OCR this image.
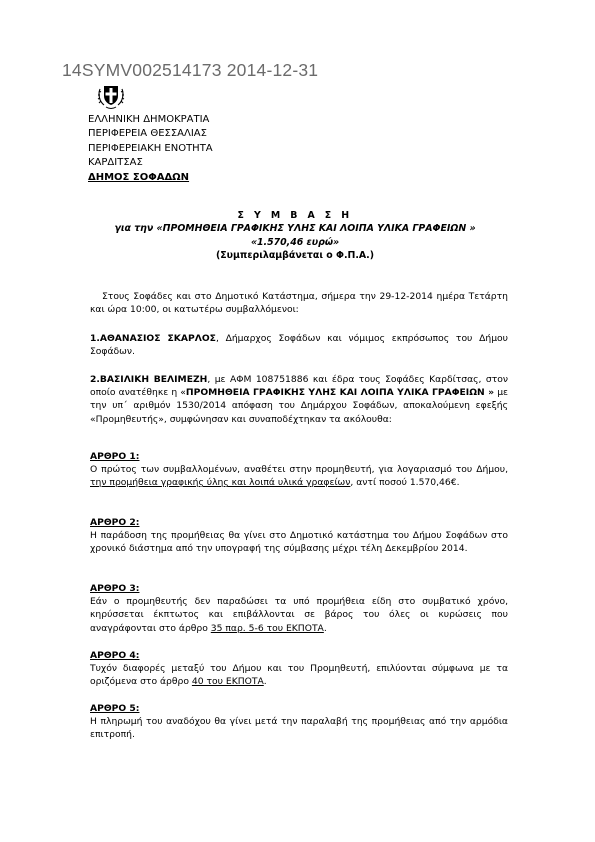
14SYMV002514173 2014-12-31
ΕΛΛΗΝΙΚΗ ΔΗΜΟΚΡΑΤΙΑ
ΠΕΡΙΦΕΡΕΙΑ ΘΕΣΣΑΛΙΑΣ
ΠΕΡΙΦΕΡΕΙΑΚΗ ΕΝΟΤΗΤΑ
ΚΑΡΔΙΤΣΑΣ
ΔΗΜΟΣ ΣΟΦΑΔΩΝ
Σ Υ Μ Β Α Σ Η
για την «ΠΡΟΜΗΘΕΙΑ ΓΡΑΦΙΚΗΣ ΥΛΗΣ ΚΑΙ ΛΟΙΠΑ ΥΛΙΚΑ ΓΡΑΦΕΙΩΝ »
«1.570,46 ευρώ»
(Συμπεριλαμβάνεται ο Φ.Π.Α.)
Στους Σοφάδες και στο Δημοτικό Κατάστημα, σήμερα την 29-12-2014 ημέρα Τετάρτη και ώρα 10:00, οι κατωτέρω συμβαλλόμενοι:
1.ΑΘΑΝΑΣΙΟΣ ΣΚΑΡΛΟΣ, Δήμαρχος Σοφάδων και νόμιμος εκπρόσωπος του Δήμου Σοφάδων.
2.ΒΑΣΙΛΙΚΗ ΒΕΛΙΜΕΖΗ, με ΑΦΜ 108751886 και έδρα τους Σοφάδες Καρδίτσας, στον οποίο ανατέθηκε η «ΠΡΟΜΗΘΕΙΑ ΓΡΑΦΙΚΗΣ ΥΛΗΣ ΚΑΙ ΛΟΙΠΑ ΥΛΙΚΑ ΓΡΑΦΕΙΩΝ » με την υπ΄ αριθμόν 1530/2014 απόφαση του Δημάρχου Σοφάδων, αποκαλούμενη εφεξής «Προμηθευτής», συμφώνησαν και συναποδέχτηκαν τα ακόλουθα:
ΑΡΘΡΟ 1:
Ο πρώτος των συμβαλλομένων, αναθέτει στην προμηθευτή, για λογαριασμό του Δήμου, την προμήθεια γραφικής ύλης και λοιπά υλικά γραφείων, αντί ποσού 1.570,46€.
ΑΡΘΡΟ 2:
Η παράδοση της προμήθειας θα γίνει στο Δημοτικό κατάστημα του Δήμου Σοφάδων στο χρονικό διάστημα από την υπογραφή της σύμβασης μέχρι τέλη Δεκεμβρίου 2014.
ΑΡΘΡΟ 3:
Εάν ο προμηθευτής δεν παραδώσει τα υπό προμήθεια είδη στο συμβατικό χρόνο, κηρύσσεται έκπτωτος και επιβάλλονται σε βάρος του όλες οι κυρώσεις που αναγράφονται στο άρθρο 35 παρ. 5-6 του ΕΚΠΟΤΑ.
ΑΡΘΡΟ 4:
Τυχόν διαφορές μεταξύ του Δήμου και του Προμηθευτή, επιλύονται σύμφωνα με τα οριζόμενα στο άρθρο 40 του ΕΚΠΟΤΑ.
ΑΡΘΡΟ 5:
Η πληρωμή του αναδόχου θα γίνει μετά την παραλαβή της προμήθειας από την αρμόδια επιτροπή.
